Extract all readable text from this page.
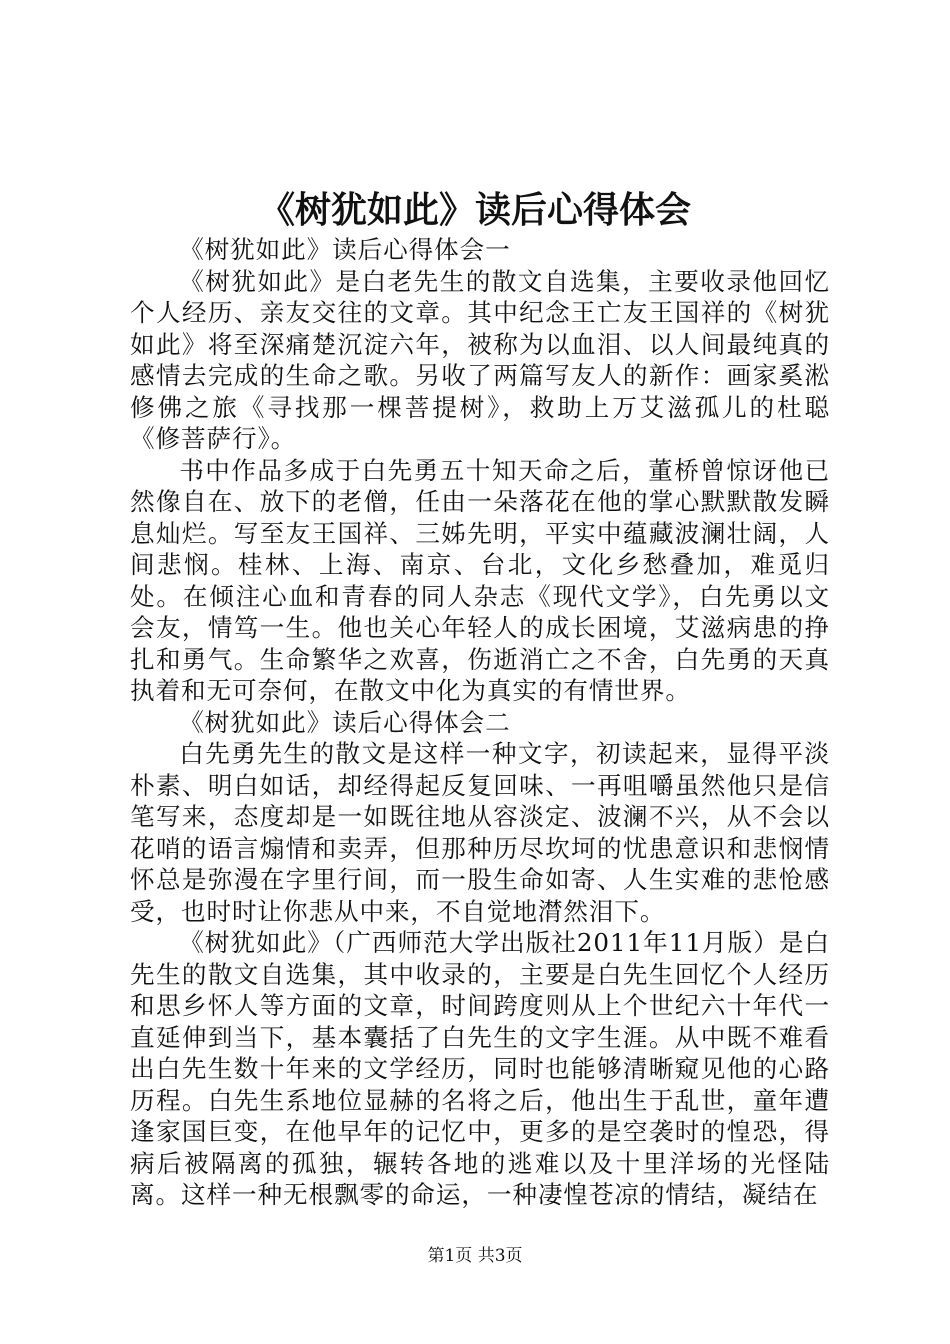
《树犹如此》读后心得体会

《树犹如此》读后心得体会一

《树犹如此》是白老先生的散文自选集，主要收录他回忆个人经历、亲友交往的文章。其中纪念王亡友王国祥的《树犹如此》将至深痛楚沉淀六年，被称为以血泪、以人间最纯真的感情去完成的生命之歌。另收了两篇写友人的新作：画家奚淞修佛之旅《寻找那一棵菩提树》，救助上万艾滋孤儿的杜聪《修菩萨行》。

书中作品多成于白先勇五十知天命之后，董桥曾惊讶他已然像自在、放下的老僧，任由一朵落花在他的掌心默默散发瞬息灿烂。写至友王国祥、三姊先明，平实中蕴藏波澜壮阔，人间悲悯。桂林、上海、南京、台北，文化乡愁叠加，难觅归处。在倾注心血和青春的同人杂志《现代文学》，白先勇以文会友，情笃一生。他也关心年轻人的成长困境，艾滋病患的挣扎和勇气。生命繁华之欢喜，伤逝消亡之不舍，白先勇的天真执着和无可奈何，在散文中化为真实的有情世界。

《树犹如此》读后心得体会二

白先勇先生的散文是这样一种文字，初读起来，显得平淡朴素、明白如话，却经得起反复回味、一再咀嚼虽然他只是信笔写来，态度却是一如既往地从容淡定、波澜不兴，从不会以花哨的语言煽情和卖弄，但那种历尽坎坷的忧患意识和悲悯情怀总是弥漫在字里行间，而一股生命如寄、人生实难的悲怆感受，也时时让你悲从中来，不自觉地潸然泪下。

《树犹如此》（广西师范大学出版社2011年11月版）是白先生的散文自选集，其中收录的，主要是白先生回忆个人经历和思乡怀人等方面的文章，时间跨度则从上个世纪六十年代一直延伸到当下，基本囊括了白先生的文字生涯。从中既不难看出白先生数十年来的文学经历，同时也能够清晰窥见他的心路历程。白先生系地位显赫的名将之后，他出生于乱世，童年遭逢家国巨变，在他早年的记忆中，更多的是空袭时的惶恐，得病后被隔离的孤独，辗转各地的逃难以及十里洋场的光怪陆离。这样一种无根飘零的命运，一种凄惶苍凉的情结，凝结在

第1页 共3页
